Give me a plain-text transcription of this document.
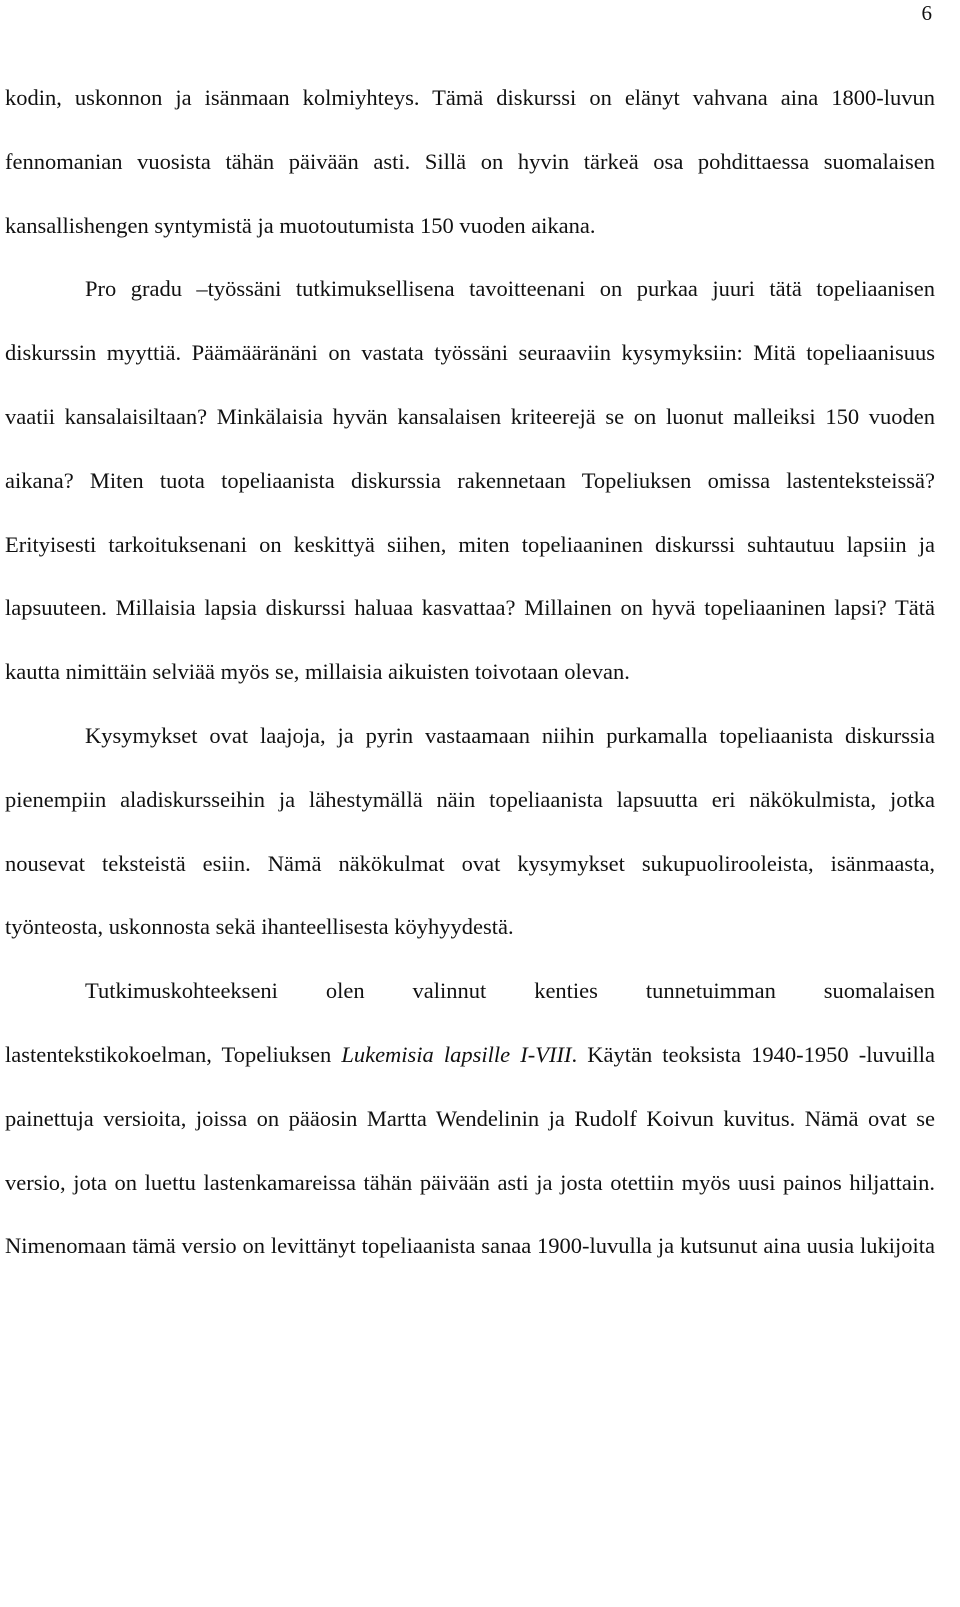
6

kodin, uskonnon ja isänmaan kolmiyhteys. Tämä diskurssi on elänyt vahvana aina 1800-luvun fennomanian vuosista tähän päivään asti. Sillä on hyvin tärkeä osa pohdittaessa suomalaisen kansallishengen syntymistä ja muotoutumista 150 vuoden aikana.

Pro gradu –työssäni tutkimuksellisena tavoitteenani on purkaa juuri tätä topeliaanisen diskurssin myyttiä. Päämääränäni on vastata työssäni seuraaviin kysymyksiin: Mitä topeliaanisuus vaatii kansalaisiltaan? Minkälaisia hyvän kansalaisen kriteerejä se on luonut malleiksi 150 vuoden aikana? Miten tuota topeliaanista diskurssia rakennetaan Topeliuksen omissa lastenteksteissä? Erityisesti tarkoituksenani on keskittyä siihen, miten topeliaaninen diskurssi suhtautuu lapsiin ja lapsuuteen. Millaisia lapsia diskurssi haluaa kasvattaa? Millainen on hyvä topeliaaninen lapsi? Tätä kautta nimittäin selviää myös se, millaisia aikuisten toivotaan olevan.

Kysymykset ovat laajoja, ja pyrin vastaamaan niihin purkamalla topeliaanista diskurssia pienempiin aladiskursseihin ja lähestymällä näin topeliaanista lapsuutta eri näkökulmista, jotka nousevat teksteistä esiin. Nämä näkökulmat ovat kysymykset sukupuolirooleista, isänmaasta, työnteosta, uskonnosta sekä ihanteellisesta köyhyydestä.

Tutkimuskohteekseni olen valinnut kenties tunnetuimman suomalaisen lastentekstikokoelman, Topeliuksen Lukemisia lapsille I-VIII. Käytän teoksista 1940-1950 -luvuilla painettuja versioita, joissa on pääosin Martta Wendelinin ja Rudolf Koivun kuvitus. Nämä ovat se versio, jota on luettu lastenkamareissa tähän päivään asti ja josta otettiin myös uusi painos hiljattain. Nimenomaan tämä versio on levittänyt topeliaanista sanaa 1900-luvulla ja kutsunut aina uusia lukijoita
